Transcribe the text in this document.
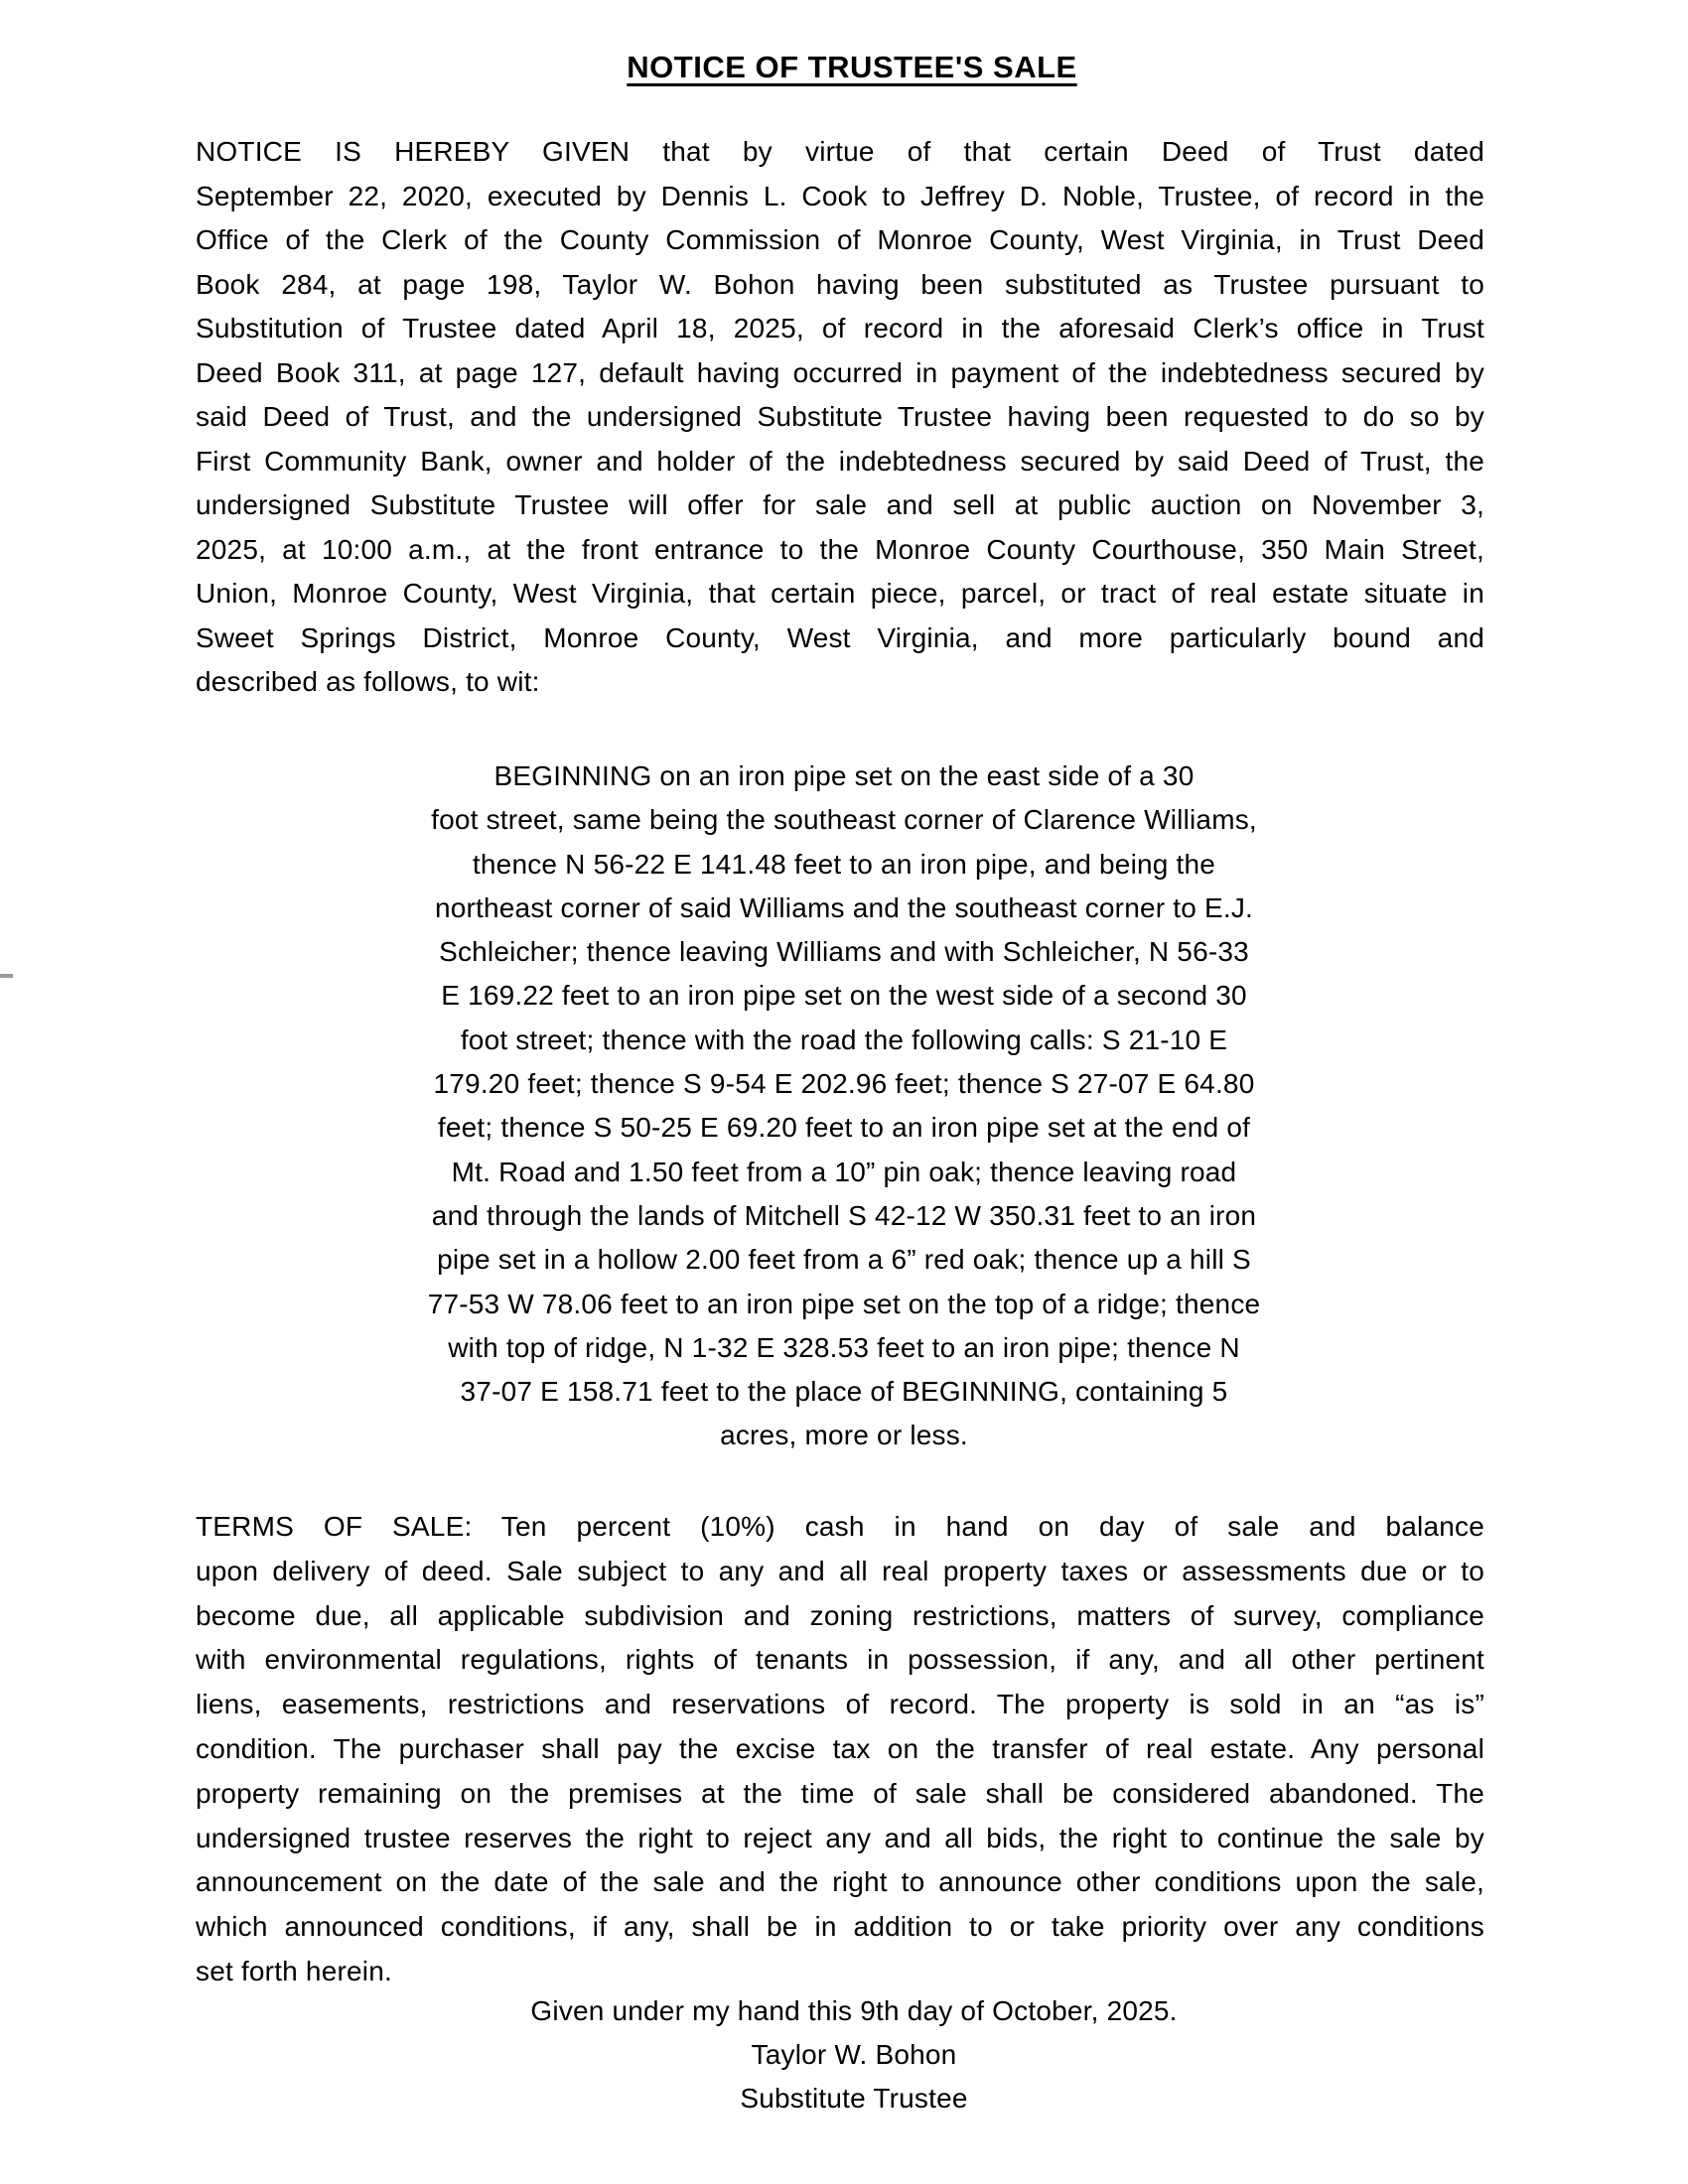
NOTICE OF TRUSTEE'S SALE
NOTICE IS HEREBY GIVEN that by virtue of that certain Deed of Trust dated
September 22, 2020, executed by Dennis L. Cook to Jeffrey D. Noble, Trustee, of record in the
Office of the Clerk of the County Commission of Monroe County, West Virginia, in Trust Deed
Book 284, at page 198, Taylor W. Bohon having been substituted as Trustee pursuant to
Substitution of Trustee dated April 18, 2025, of record in the aforesaid Clerk’s office in Trust
Deed Book 311, at page 127, default having occurred in payment of the indebtedness secured by
said Deed of Trust, and the undersigned Substitute Trustee having been requested to do so by
First Community Bank, owner and holder of the indebtedness secured by said Deed of Trust, the
undersigned Substitute Trustee will offer for sale and sell at public auction on November 3,
2025, at 10:00 a.m., at the front entrance to the Monroe County Courthouse, 350 Main Street,
Union, Monroe County, West Virginia, that certain piece, parcel, or tract of real estate situate in
Sweet Springs District, Monroe County, West Virginia, and more particularly bound and
described as follows, to wit:
BEGINNING on an iron pipe set on the east side of a 30
foot street, same being the southeast corner of Clarence Williams,
thence N 56-22 E 141.48 feet to an iron pipe, and being the
northeast corner of said Williams and the southeast corner to E.J.
Schleicher; thence leaving Williams and with Schleicher, N 56-33
E 169.22 feet to an iron pipe set on the west side of a second 30
foot street; thence with the road the following calls: S 21-10 E
179.20 feet; thence S 9-54 E 202.96 feet; thence S 27-07 E 64.80
feet; thence S 50-25 E 69.20 feet to an iron pipe set at the end of
Mt. Road and 1.50 feet from a 10” pin oak; thence leaving road
and through the lands of Mitchell S 42-12 W 350.31 feet to an iron
pipe set in a hollow 2.00 feet from a 6” red oak; thence up a hill S
77-53 W 78.06 feet to an iron pipe set on the top of a ridge; thence
with top of ridge, N 1-32 E 328.53 feet to an iron pipe; thence N
37-07 E 158.71 feet to the place of BEGINNING, containing 5
acres, more or less.
TERMS OF SALE: Ten percent (10%) cash in hand on day of sale and balance
upon delivery of deed. Sale subject to any and all real property taxes or assessments due or to
become due, all applicable subdivision and zoning restrictions, matters of survey, compliance
with environmental regulations, rights of tenants in possession, if any, and all other pertinent
liens, easements, restrictions and reservations of record. The property is sold in an “as is”
condition. The purchaser shall pay the excise tax on the transfer of real estate. Any personal
property remaining on the premises at the time of sale shall be considered abandoned. The
undersigned trustee reserves the right to reject any and all bids, the right to continue the sale by
announcement on the date of the sale and the right to announce other conditions upon the sale,
which announced conditions, if any, shall be in addition to or take priority over any conditions
set forth herein.
Given under my hand this 9th day of October, 2025.
Taylor W. Bohon
Substitute Trustee
